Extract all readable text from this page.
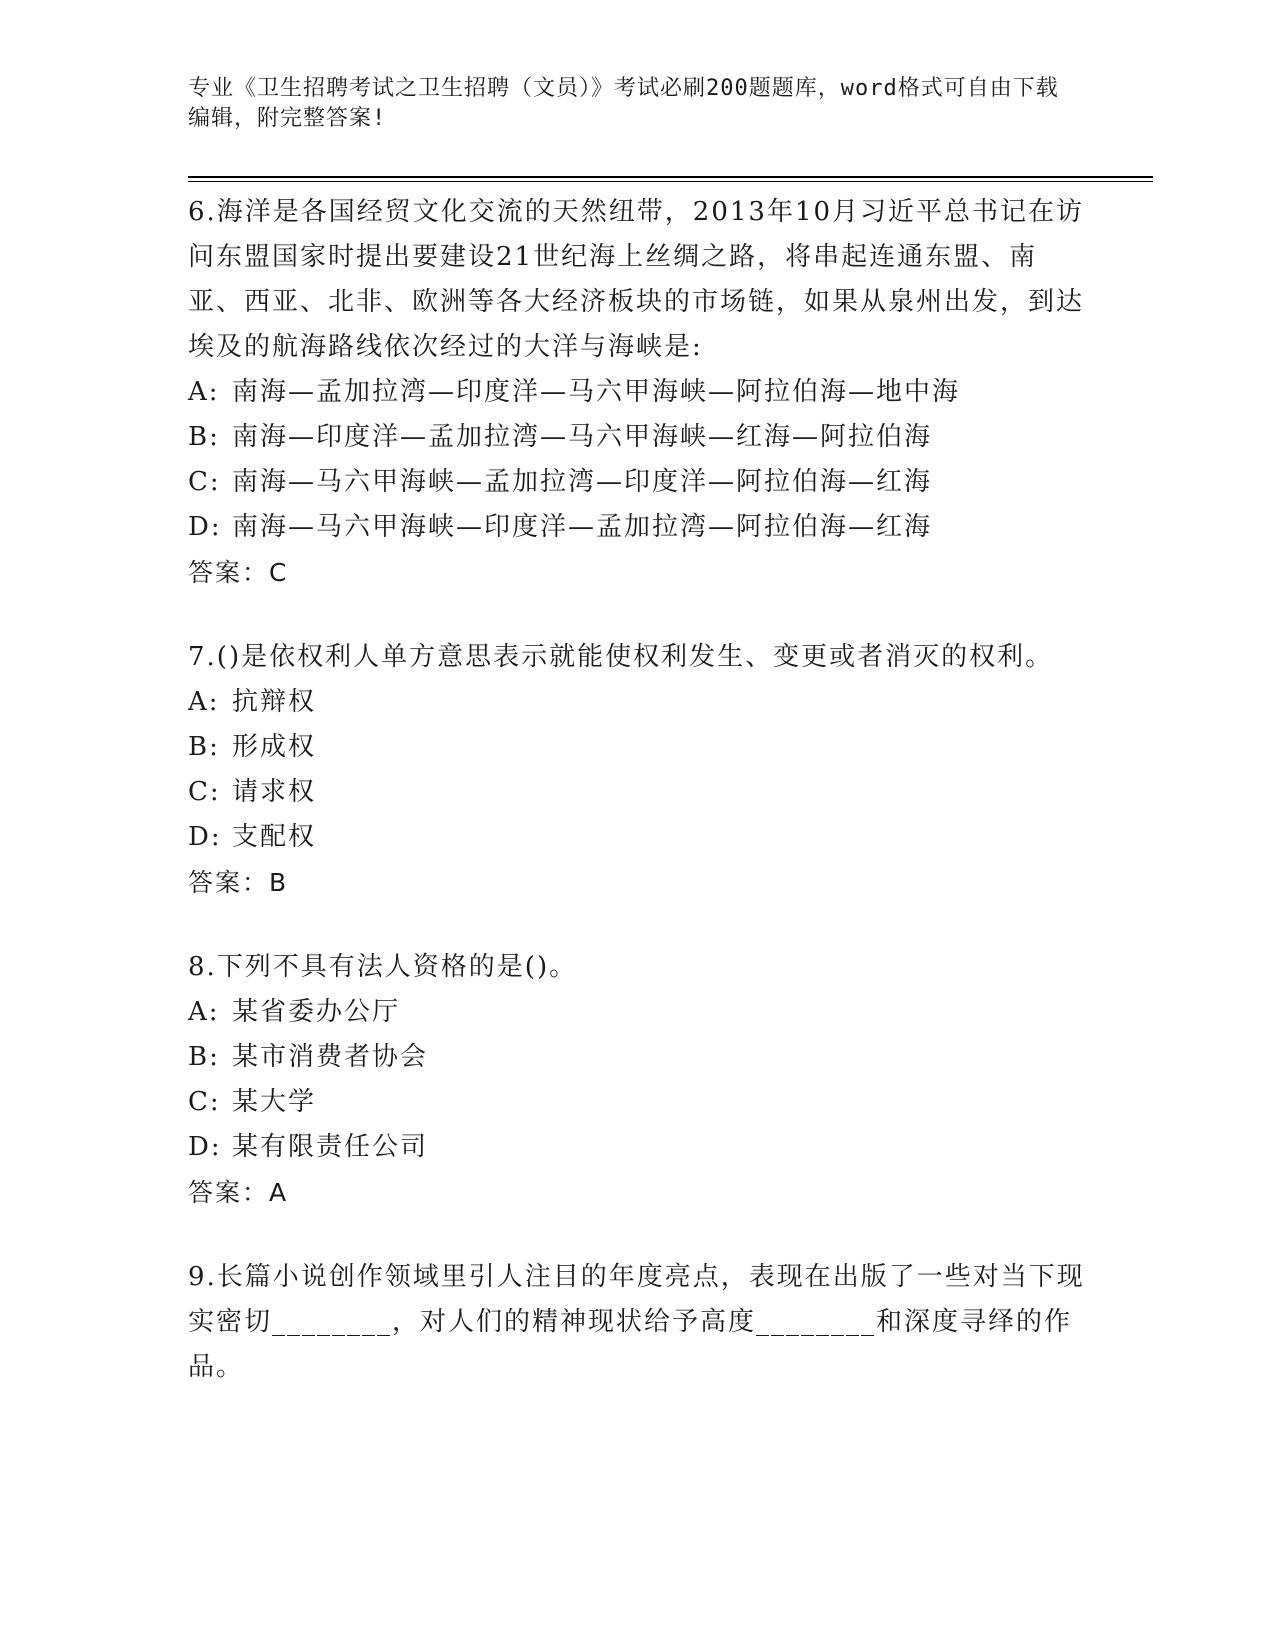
专业《卫生招聘考试之卫生招聘（文员）》考试必刷200题题库，word格式可自由下载编辑，附完整答案!

6.海洋是各国经贸文化交流的天然纽带，2013年10月习近平总书记在访问东盟国家时提出要建设21世纪海上丝绸之路，将串起连通东盟、南亚、西亚、北非、欧洲等各大经济板块的市场链，如果从泉州出发，到达埃及的航海路线依次经过的大洋与海峡是:

A: 南海—孟加拉湾—印度洋—马六甲海峡—阿拉伯海—地中海

B: 南海—印度洋—孟加拉湾—马六甲海峡—红海—阿拉伯海

C: 南海—马六甲海峡—孟加拉湾—印度洋—阿拉伯海—红海

D: 南海—马六甲海峡—印度洋—孟加拉湾—阿拉伯海—红海

答案：C

7.()是依权利人单方意思表示就能使权利发生、变更或者消灭的权利。

A: 抗辩权

B: 形成权

C: 请求权

D: 支配权

答案：B

8.下列不具有法人资格的是()。

A: 某省委办公厅

B: 某市消费者协会

C: 某大学

D: 某有限责任公司

答案：A

9.长篇小说创作领域里引人注目的年度亮点，表现在出版了一些对当下现实密切________，对人们的精神现状给予高度________和深度寻绎的作品。
